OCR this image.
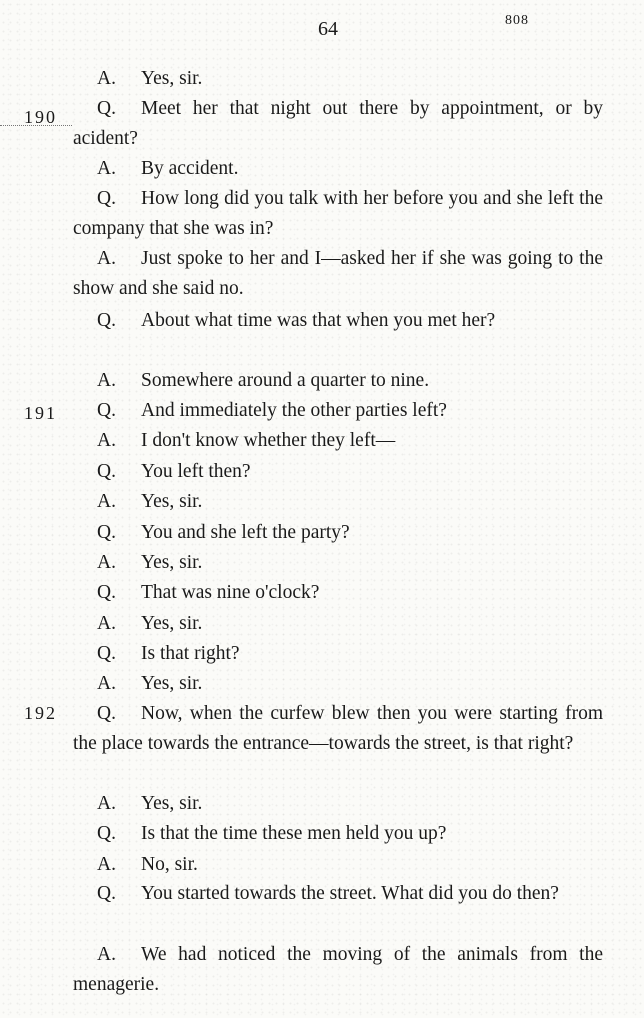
64	808
190
191
192
A. Yes, sir.
Q. Meet her that night out there by appointment, or by acident?
A. By accident.
Q. How long did you talk with her before you and she left the company that she was in?
A. Just spoke to her and I—asked her if she was going to the show and she said no.
Q. About what time was that when you met her?
A. Somewhere around a quarter to nine.
Q. And immediately the other parties left?
A. I don't know whether they left—
Q. You left then?
A. Yes, sir.
Q. You and she left the party?
A. Yes, sir.
Q. That was nine o'clock?
A. Yes, sir.
Q. Is that right?
A. Yes, sir.
Q. Now, when the curfew blew then you were starting from the place towards the entrance—towards the street, is that right?
A. Yes, sir.
Q. Is that the time these men held you up?
A. No, sir.
Q. You started towards the street. What did you do then?
A. We had noticed the moving of the animals from the menagerie.
